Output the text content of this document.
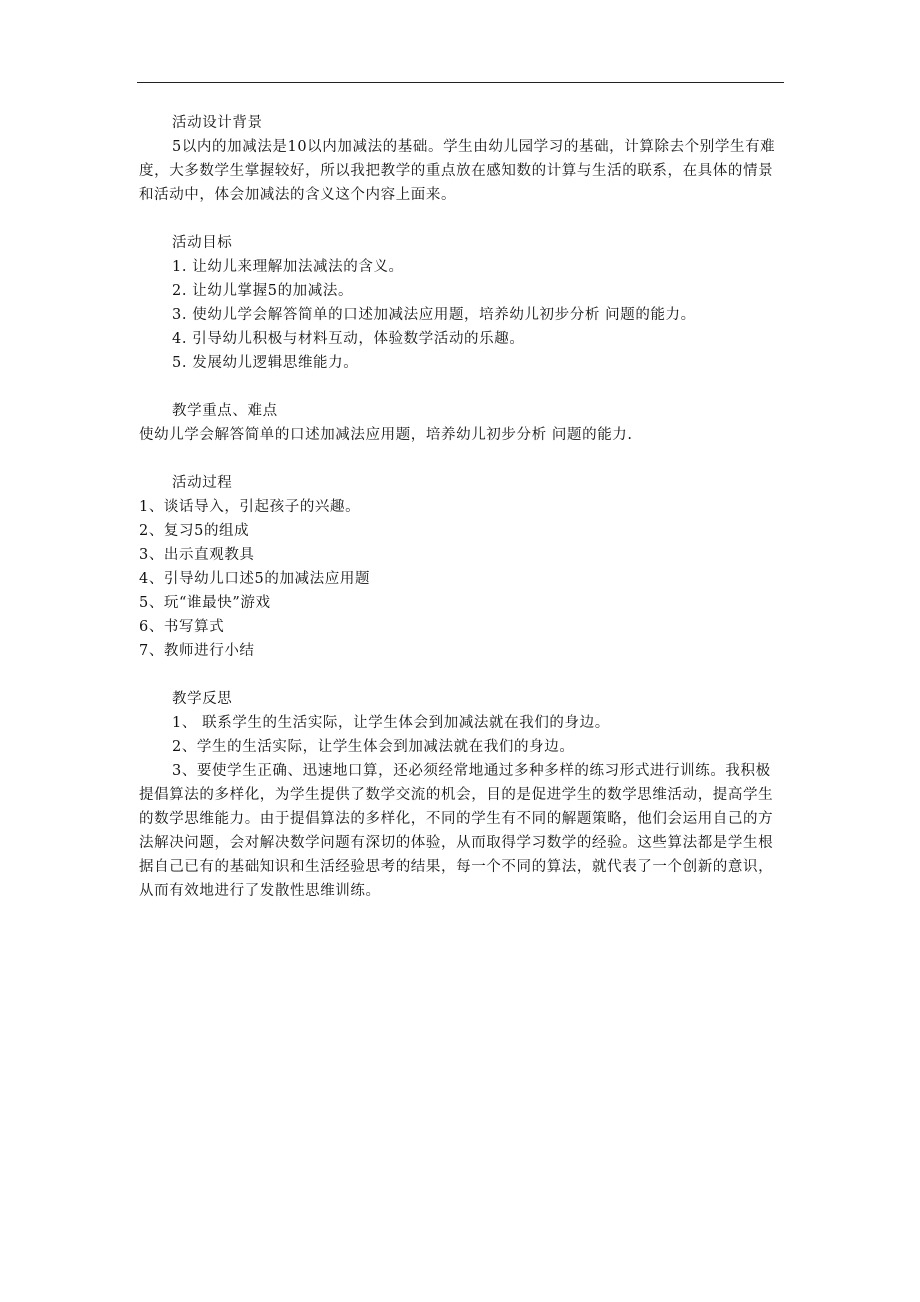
活动设计背景

5以内的加减法是10以内加减法的基础。学生由幼儿园学习的基础，计算除去个别学生有难度，大多数学生掌握较好，所以我把教学的重点放在感知数的计算与生活的联系，在具体的情景和活动中，体会加减法的含义这个内容上面来。

活动目标

1. 让幼儿来理解加法减法的含义。

2. 让幼儿掌握5的加减法。

3. 使幼儿学会解答简单的口述加减法应用题，培养幼儿初步分析 问题的能力。

4. 引导幼儿积极与材料互动，体验数学活动的乐趣。

5. 发展幼儿逻辑思维能力。

教学重点、难点

使幼儿学会解答简单的口述加减法应用题，培养幼儿初步分析 问题的能力.

活动过程

1、谈话导入，引起孩子的兴趣。

2、复习5的组成

3、出示直观教具

4、引导幼儿口述5的加减法应用题

5、玩“谁最快”游戏

6、书写算式

7、教师进行小结

教学反思

1、 联系学生的生活实际，让学生体会到加减法就在我们的身边。

2、学生的生活实际，让学生体会到加减法就在我们的身边。

3、要使学生正确、迅速地口算，还必须经常地通过多种多样的练习形式进行训练。我积极提倡算法的多样化，为学生提供了数学交流的机会，目的是促进学生的数学思维活动，提高学生的数学思维能力。由于提倡算法的多样化，不同的学生有不同的解题策略，他们会运用自己的方法解决问题，会对解决数学问题有深切的体验，从而取得学习数学的经验。这些算法都是学生根据自己已有的基础知识和生活经验思考的结果，每一个不同的算法，就代表了一个创新的意识，从而有效地进行了发散性思维训练。
